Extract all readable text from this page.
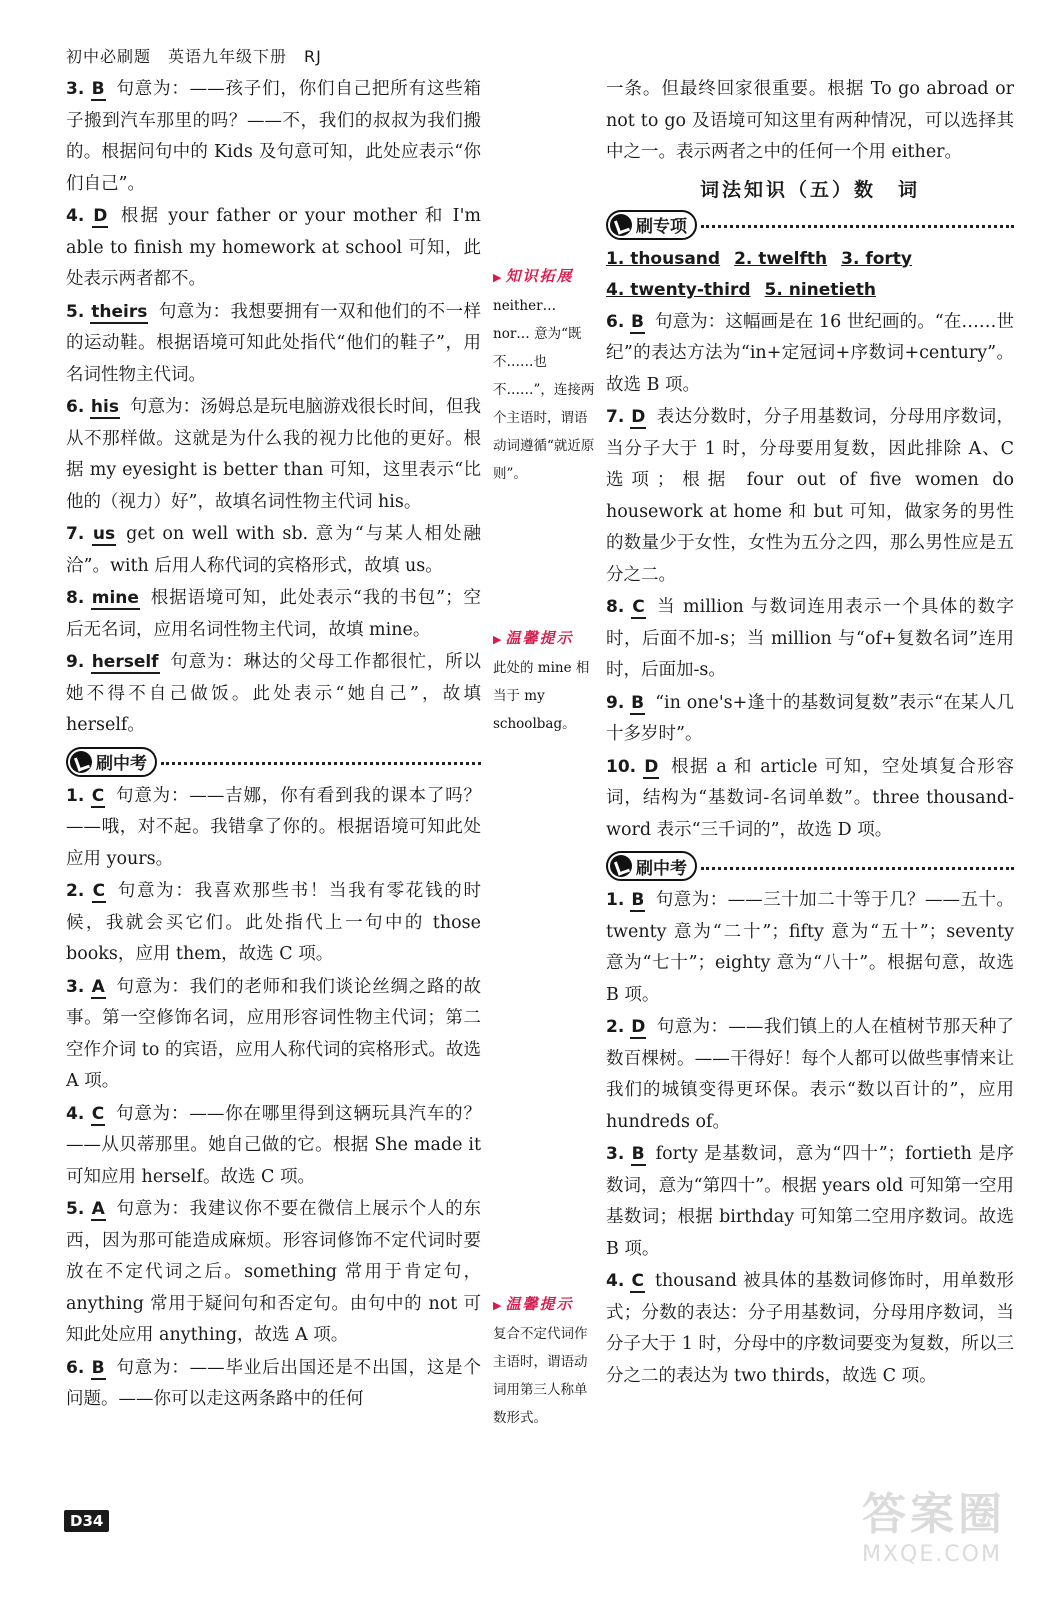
初中必刷题　英语九年级下册　RJ
3. B 句意为：——孩子们，你们自己把所有这些箱子搬到汽车那里的吗？——不，我们的叔叔为我们搬的。根据问句中的 Kids 及句意可知，此处应表示“你们自己”。
4. D 根据 your father or your mother 和 I'm able to finish my homework at school 可知，此处表示两者都不。
5. theirs 句意为：我想要拥有一双和他们的不一样的运动鞋。根据语境可知此处指代“他们的鞋子”，用名词性物主代词。
6. his 句意为：汤姆总是玩电脑游戏很长时间，但我从不那样做。这就是为什么我的视力比他的更好。根据 my eyesight is better than 可知，这里表示“比他的（视力）好”，故填名词性物主代词 his。
7. us get on well with sb. 意为“与某人相处融洽”。with 后用人称代词的宾格形式，故填 us。
8. mine 根据语境可知，此处表示“我的书包”；空后无名词，应用名词性物主代词，故填 mine。
9. herself 句意为：琳达的父母工作都很忙，所以她不得不自己做饭。此处表示“她自己”，故填 herself。
刷中考
1. C 句意为：——吉娜，你有看到我的课本了吗？——哦，对不起。我错拿了你的。根据语境可知此处应用 yours。
2. C 句意为：我喜欢那些书！当我有零花钱的时候，我就会买它们。此处指代上一句中的 those books，应用 them，故选 C 项。
3. A 句意为：我们的老师和我们谈论丝绸之路的故事。第一空修饰名词，应用形容词性物主代词；第二空作介词 to 的宾语，应用人称代词的宾格形式。故选 A 项。
4. C 句意为：——你在哪里得到这辆玩具汽车的？——从贝蒂那里。她自己做的它。根据 She made it 可知应用 herself。故选 C 项。
5. A 句意为：我建议你不要在微信上展示个人的东西，因为那可能造成麻烦。形容词修饰不定代词时要放在不定代词之后。something 常用于肯定句，anything 常用于疑问句和否定句。由句中的 not 可知此处应用 anything，故选 A 项。
6. B 句意为：——毕业后出国还是不出国，这是个问题。——你可以走这两条路中的任何
▶ 知识拓展
neither… nor… 意为“既不……也不……”，连接两个主语时，谓语动词遵循“就近原则”。
▶ 温馨提示
此处的 mine 相当于 my schoolbag。
▶ 温馨提示
复合不定代词作主语时，谓语动词用第三人称单数形式。
一条。但最终回家很重要。根据 To go abroad or not to go 及语境可知这里有两种情况，可以选择其中之一。表示两者之中的任何一个用 either。
词法知识（五）数　词
刷专项
1. thousand 2. twelfth 3. forty
4. twenty-third 5. ninetieth
6. B 句意为：这幅画是在 16 世纪画的。“在……世纪”的表达方法为“in+定冠词+序数词+century”。故选 B 项。
7. D 表达分数时，分子用基数词，分母用序数词，当分子大于 1 时，分母要用复数，因此排除 A、C 选项；根据 four out of five women do housework at home 和 but 可知，做家务的男性的数量少于女性，女性为五分之四，那么男性应是五分之二。
8. C 当 million 与数词连用表示一个具体的数字时，后面不加-s；当 million 与“of+复数名词”连用时，后面加-s。
9. B “in one's+逢十的基数词复数”表示“在某人几十多岁时”。
10. D 根据 a 和 article 可知，空处填复合形容词，结构为“基数词-名词单数”。three thousand-word 表示“三千词的”，故选 D 项。
刷中考
1. B 句意为：——三十加二十等于几？——五十。twenty 意为“二十”；fifty 意为“五十”；seventy 意为“七十”；eighty 意为“八十”。根据句意，故选 B 项。
2. D 句意为：——我们镇上的人在植树节那天种了数百棵树。——干得好！每个人都可以做些事情来让我们的城镇变得更环保。表示“数以百计的”，应用 hundreds of。
3. B forty 是基数词，意为“四十”；fortieth 是序数词，意为“第四十”。根据 years old 可知第一空用基数词；根据 birthday 可知第二空用序数词。故选 B 项。
4. C thousand 被具体的基数词修饰时，用单数形式；分数的表达：分子用基数词，分母用序数词，当分子大于 1 时，分母中的序数词要变为复数，所以三分之二的表达为 two thirds，故选 C 项。
D34	答案圈
MXQE.COM
